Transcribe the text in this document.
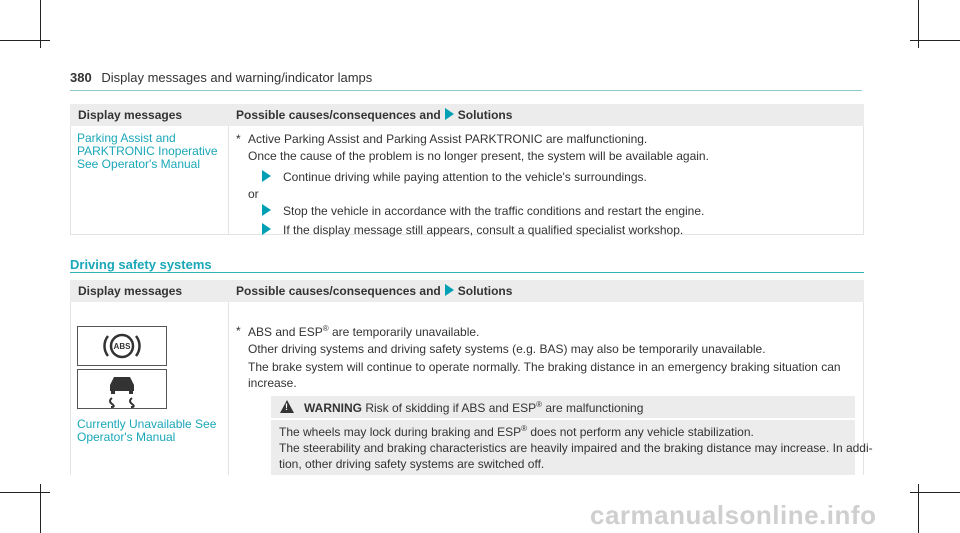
380 Display messages and warning/indicator lamps
Display messages	Possible causes/consequences and Solutions
Parking Assist and
PARKTRONIC Inoperative
See Operator's Manual
* Active Parking Assist and Parking Assist PARKTRONIC are malfunctioning.
Once the cause of the problem is no longer present, the system will be available again.
Continue driving while paying attention to the vehicle's surroundings.
or
Stop the vehicle in accordance with the traffic conditions and restart the engine.
If the display message still appears, consult a qualified specialist workshop.
Driving safety systems
Display messages	Possible causes/consequences and Solutions
ABS
Currently Unavailable See
Operator's Manual
* ABS and ESP® are temporarily unavailable.
Other driving systems and driving safety systems (e.g. BAS) may also be temporarily unavailable.
The brake system will continue to operate normally. The braking distance in an emergency braking situation can
increase.
! WARNING Risk of skidding if ABS and ESP® are malfunctioning
The wheels may lock during braking and ESP® does not perform any vehicle stabilization.
The steerability and braking characteristics are heavily impaired and the braking distance may increase. In addi-
tion, other driving safety systems are switched off.
carmanualsonline.info
